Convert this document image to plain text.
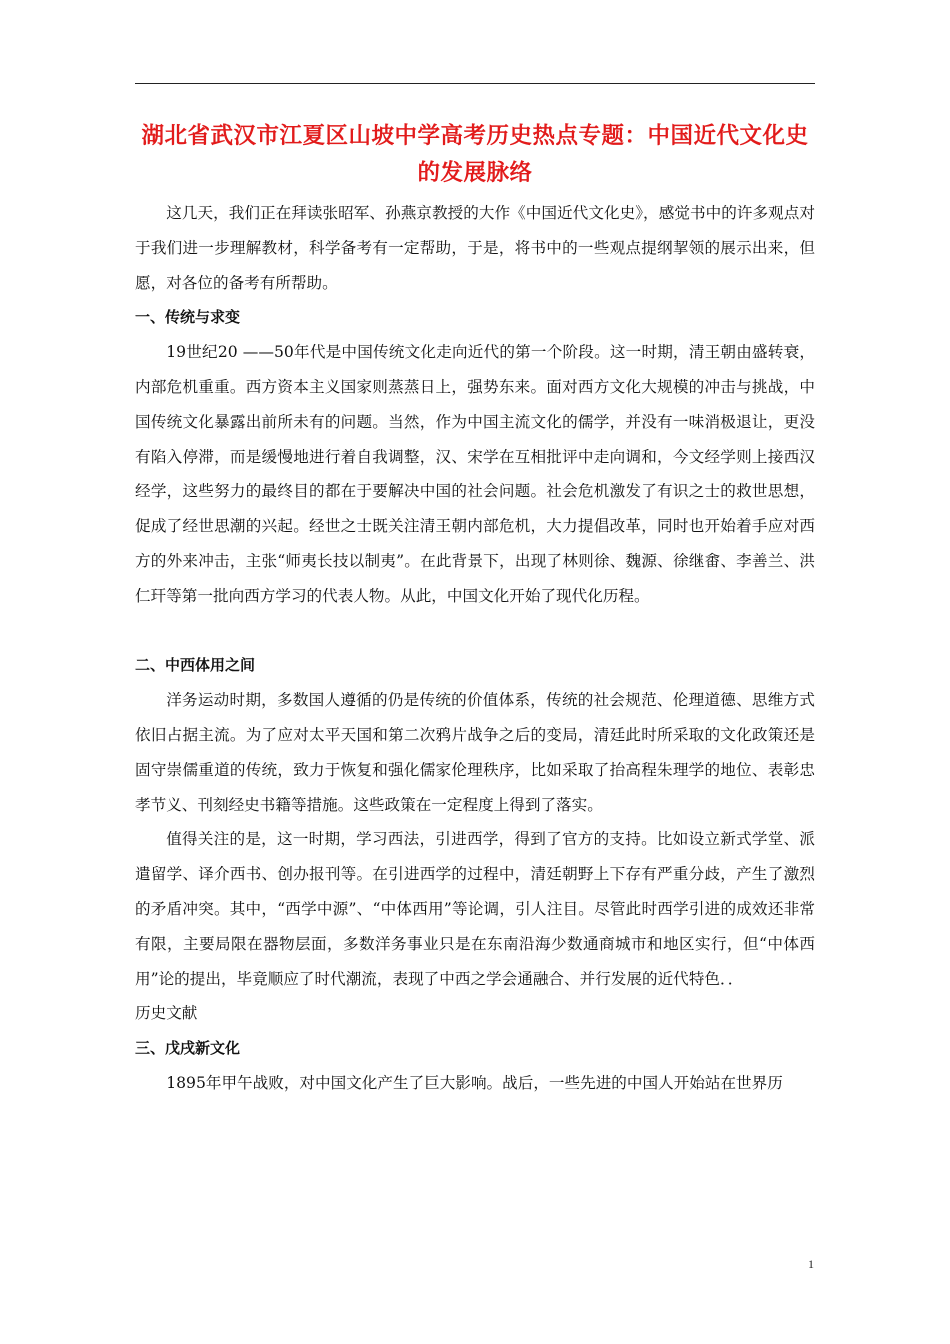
湖北省武汉市江夏区山坡中学高考历史热点专题：中国近代文化史的发展脉络

这几天，我们正在拜读张昭军、孙燕京教授的大作《中国近代文化史》，感觉书中的许多观点对于我们进一步理解教材，科学备考有一定帮助，于是，将书中的一些观点提纲挈领的展示出来，但愿，对各位的备考有所帮助。

一、传统与求变

19世纪20 ——50年代是中国传统文化走向近代的第一个阶段。这一时期，清王朝由盛转衰，内部危机重重。西方资本主义国家则蒸蒸日上，强势东来。面对西方文化大规模的冲击与挑战，中国传统文化暴露出前所未有的问题。当然，作为中国主流文化的儒学，并没有一味消极退让，更没有陷入停滞，而是缓慢地进行着自我调整，汉、宋学在互相批评中走向调和，今文经学则上接西汉经学，这些努力的最终目的都在于要解决中国的社会问题。社会危机激发了有识之士的救世思想，促成了经世思潮的兴起。经世之士既关注清王朝内部危机，大力提倡改革，同时也开始着手应对西方的外来冲击，主张“师夷长技以制夷”。在此背景下，出现了林则徐、魏源、徐继畬、李善兰、洪仁玕等第一批向西方学习的代表人物。从此，中国文化开始了现代化历程。

二、中西体用之间

洋务运动时期，多数国人遵循的仍是传统的价值体系，传统的社会规范、伦理道德、思维方式依旧占据主流。为了应对太平天国和第二次鸦片战争之后的变局，清廷此时所采取的文化政策还是固守崇儒重道的传统，致力于恢复和强化儒家伦理秩序，比如采取了抬高程朱理学的地位、表彰忠孝节义、刊刻经史书籍等措施。这些政策在一定程度上得到了落实。

值得关注的是，这一时期，学习西法，引进西学，得到了官方的支持。比如设立新式学堂、派遣留学、译介西书、创办报刊等。在引进西学的过程中，清廷朝野上下存有严重分歧，产生了激烈的矛盾冲突。其中，“西学中源”、“中体西用”等论调，引人注目。尽管此时西学引进的成效还非常有限，主要局限在器物层面，多数洋务事业只是在东南沿海少数通商城市和地区实行，但“中体西用”论的提出，毕竟顺应了时代潮流，表现了中西之学会通融合、并行发展的近代特色．．

历史文献

三、戊戌新文化

1895年甲午战败，对中国文化产生了巨大影响。战后，一些先进的中国人开始站在世界历

1
